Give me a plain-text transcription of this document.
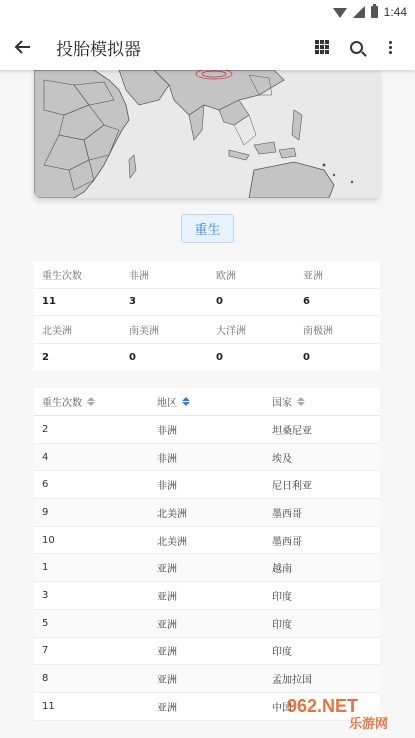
1:44
投胎模拟器
重生
重生次数	非洲	欧洲	亚洲
11	3	0	6
北美洲	南美洲	大洋洲	南极洲
2	0	0	0
重生次数	地区	国家
2	非洲	坦桑尼亚
4	非洲	埃及
6	非洲	尼日利亚
9	北美洲	墨西哥
10	北美洲	墨西哥
1	亚洲	越南
3	亚洲	印度
5	亚洲	印度
7	亚洲	印度
8	亚洲	孟加拉国
11	亚洲	中国
962.NET
乐游网
